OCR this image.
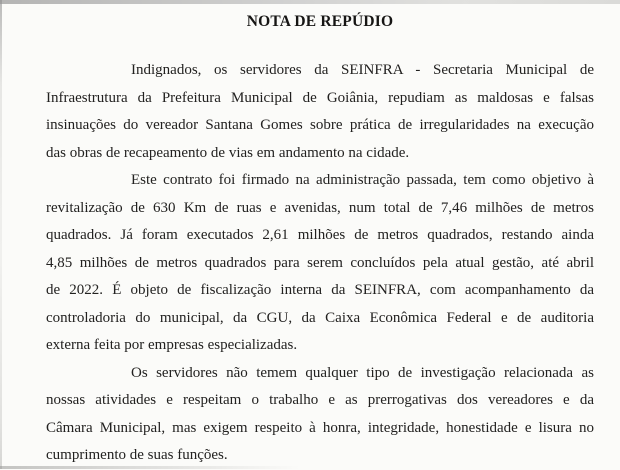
NOTA DE REPÚDIO
Indignados, os servidores da SEINFRA - Secretaria Municipal de
Infraestrutura da Prefeitura Municipal de Goiânia, repudiam as maldosas e falsas
insinuações do vereador Santana Gomes sobre prática de irregularidades na execução
das obras de recapeamento de vias em andamento na cidade.
Este contrato foi firmado na administração passada, tem como objetivo à
revitalização de 630 Km de ruas e avenidas, num total de 7,46 milhões de metros
quadrados. Já foram executados 2,61 milhões de metros quadrados, restando ainda
4,85 milhões de metros quadrados para serem concluídos pela atual gestão, até abril
de 2022. É objeto de fiscalização interna da SEINFRA, com acompanhamento da
controladoria do municipal, da CGU, da Caixa Econômica Federal e de auditoria
externa feita por empresas especializadas.
Os servidores não temem qualquer tipo de investigação relacionada as
nossas atividades e respeitam o trabalho e as prerrogativas dos vereadores e da
Câmara Municipal, mas exigem respeito à honra, integridade, honestidade e lisura no
cumprimento de suas funções.
